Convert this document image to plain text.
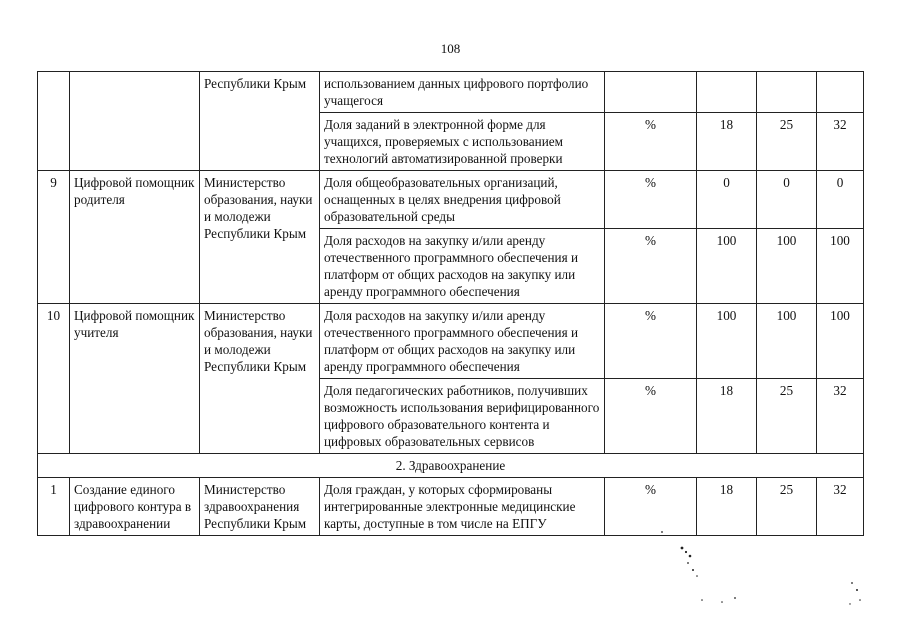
108
		Республики Крым	использованием данных цифрового портфолио учащегося				
			Доля заданий в электронной форме для учащихся, проверяемых с использованием технологий автоматизированной проверки	%	18	25	32
9	Цифровой помощник родителя	Министерство образования, науки и молодежи Республики Крым	Доля общеобразовательных организаций, оснащенных в целях внедрения цифровой образовательной среды	%	0	0	0
			Доля расходов на закупку и/или аренду отечественного программного обеспечения и платформ от общих расходов на закупку или аренду программного обеспечения	%	100	100	100
10	Цифровой помощник учителя	Министерство образования, науки и молодежи Республики Крым	Доля расходов на закупку и/или аренду отечественного программного обеспечения и платформ от общих расходов на закупку или аренду программного обеспечения	%	100	100	100
			Доля педагогических работников, получивших возможность использования верифицированного цифрового образовательного контента и цифровых образовательных сервисов	%	18	25	32
2. Здравоохранение							
1	Создание единого цифрового контура в здравоохранении	Министерство здравоохранения Республики Крым	Доля граждан, у которых сформированы интегрированные электронные медицинские карты, доступные в том числе на ЕПГУ	%	18	25	32
